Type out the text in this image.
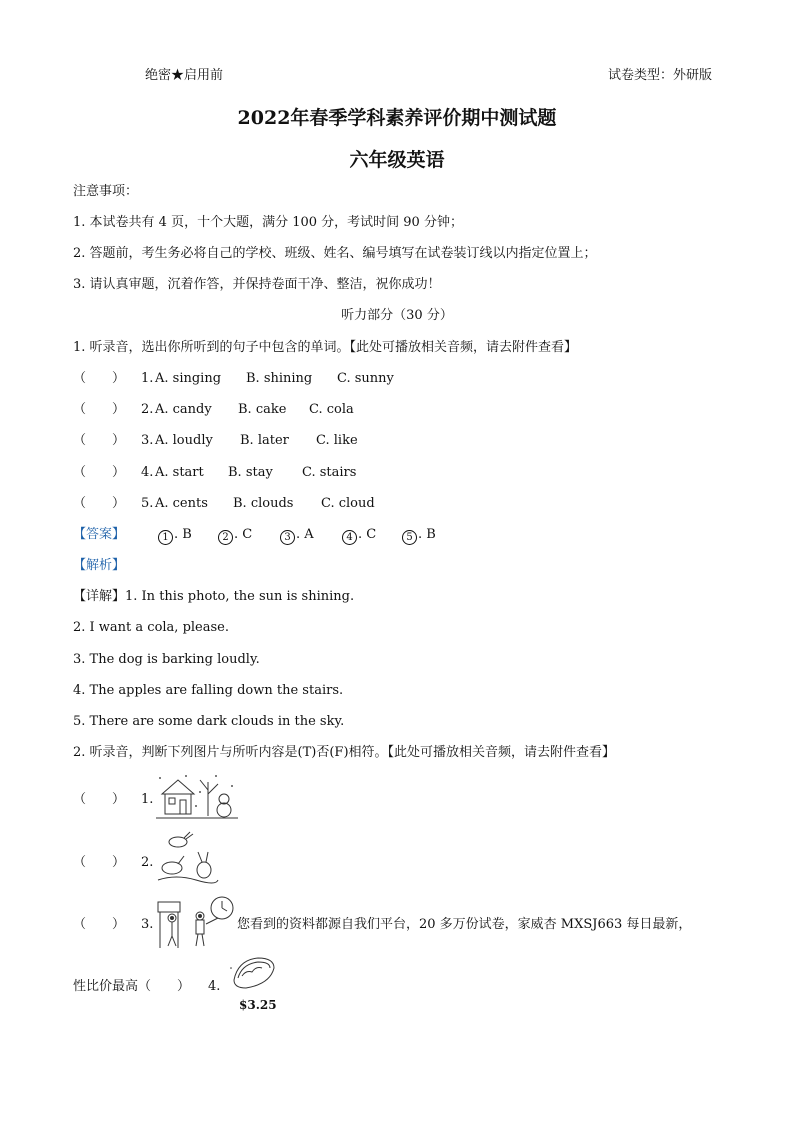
绝密★启用前	试卷类型：外研版
2022年春季学科素养评价期中测试题
六年级英语
注意事项：
1. 本试卷共有 4 页，十个大题，满分 100 分，考试时间 90 分钟；
2. 答题前，考生务必将自己的学校、班级、姓名、编号填写在试卷装订线以内指定位置上；
3. 请认真审题，沉着作答，并保持卷面干净、整洁，祝你成功！
听力部分（30 分）
1. 听录音，选出你所听到的句子中包含的单词。【此处可播放相关音频，请去附件查看】
（　　） 1. A. singing B. shining C. sunny
（　　） 2. A. candy B. cake C. cola
（　　） 3. A. loudly B. later C. like
（　　） 4. A. start B. stay C. stairs
（　　） 5. A. cents B. clouds C. cloud
【答案】	1 . B	2 . C	3 . A	4 . C	5 . B
【解析】
【详解】1. In this photo, the sun is shining.
2. I want a cola, please.
3. The dog is barking loudly.
4. The apples are falling down the stairs.
5. There are some dark clouds in the sky.
2. 听录音，判断下列图片与所听内容是(T)否(F)相符。【此处可播放相关音频，请去附件查看】
（　　） 1.
（　　） 2.
（　　） 3.	您看到的资料都源自我们平台，20 多万份试卷，家威杏 MXSJ663 每日最新，
性比价最高（　　） 4.
$3.25
